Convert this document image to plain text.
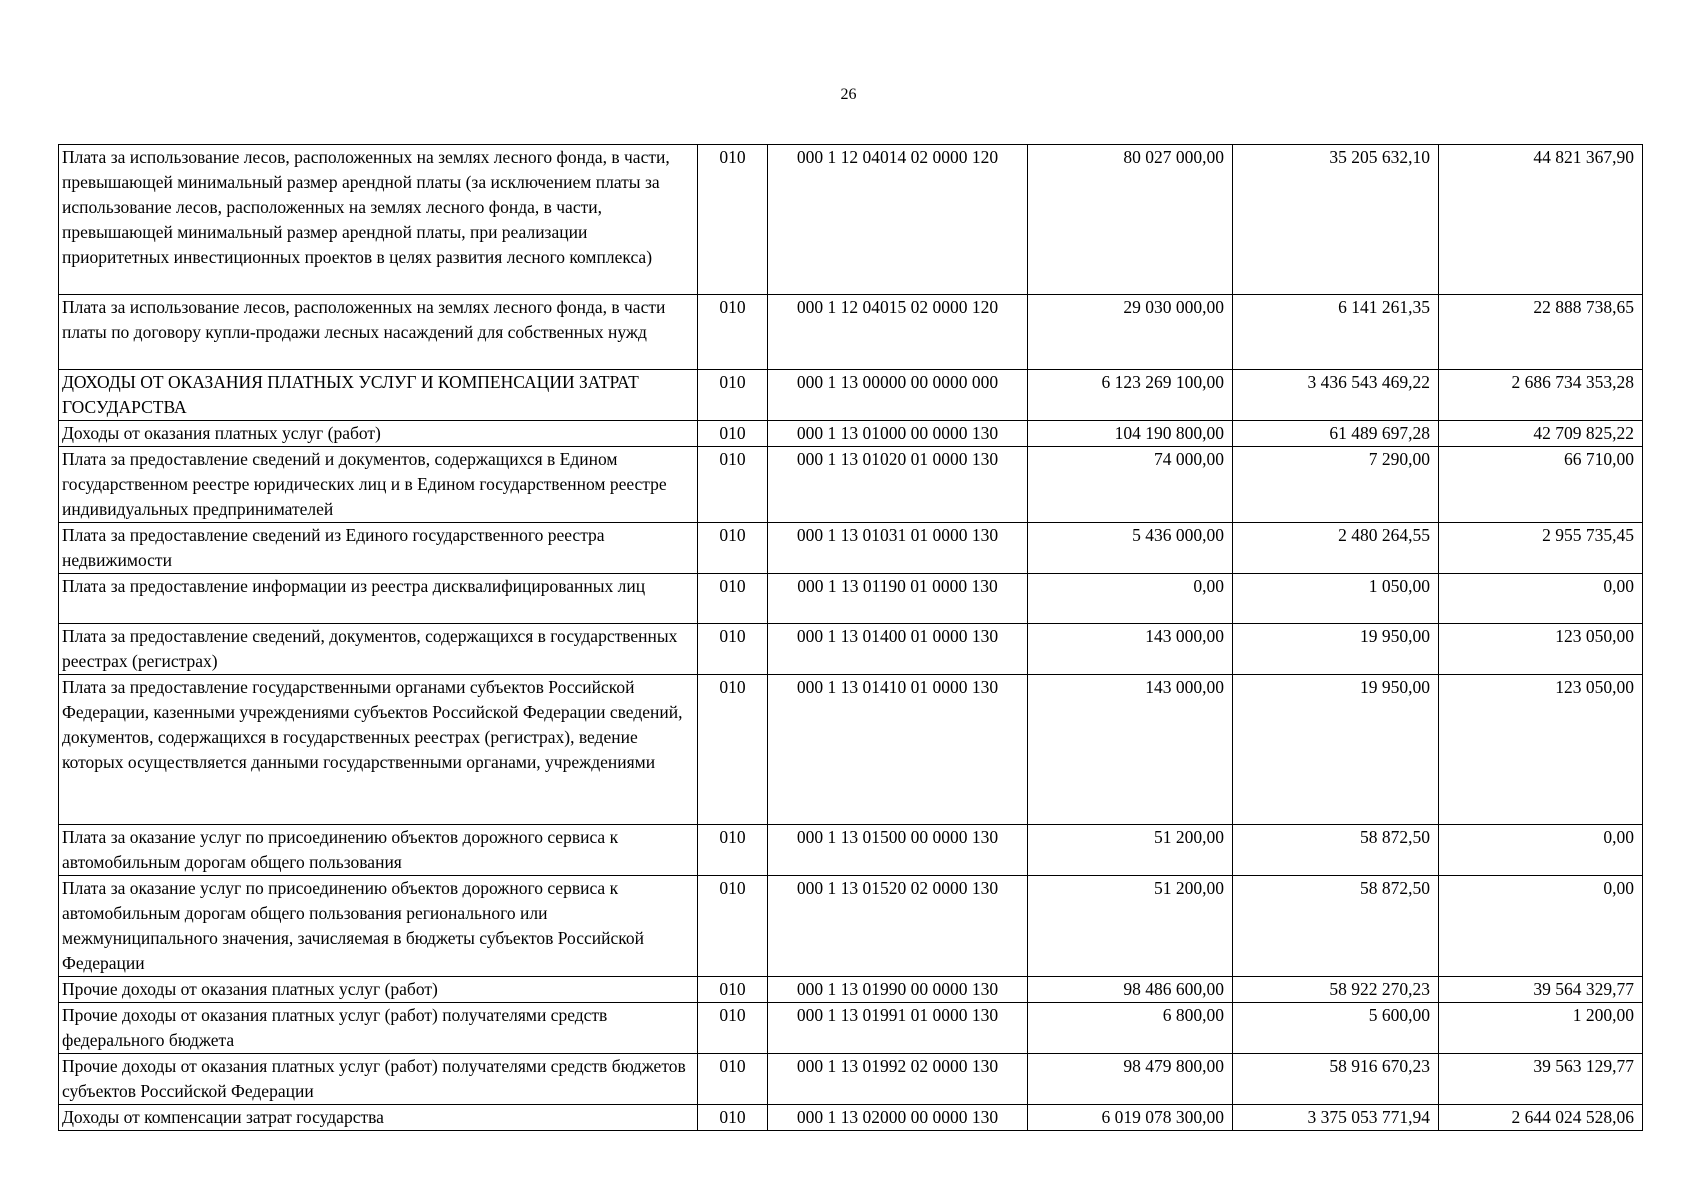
26
Плата за использование лесов, расположенных на землях лесного фонда, в части, превышающей минимальный размер арендной платы (за исключением платы за использование лесов, расположенных на землях лесного фонда, в части, превышающей минимальный размер арендной платы, при реализации приоритетных инвестиционных проектов в целях развития лесного комплекса)	010	000 1 12 04014 02 0000 120	80 027 000,00	35 205 632,10	44 821 367,90
Плата за использование лесов, расположенных на землях лесного фонда, в части платы по договору купли-продажи лесных насаждений для собственных нужд	010	000 1 12 04015 02 0000 120	29 030 000,00	6 141 261,35	22 888 738,65
ДОХОДЫ ОТ ОКАЗАНИЯ ПЛАТНЫХ УСЛУГ И КОМПЕНСАЦИИ ЗАТРАТ ГОСУДАРСТВА	010	000 1 13 00000 00 0000 000	6 123 269 100,00	3 436 543 469,22	2 686 734 353,28
Доходы от оказания платных услуг (работ)	010	000 1 13 01000 00 0000 130	104 190 800,00	61 489 697,28	42 709 825,22
Плата за предоставление сведений и документов, содержащихся в Едином государственном реестре юридических лиц и в Едином государственном реестре индивидуальных предпринимателей	010	000 1 13 01020 01 0000 130	74 000,00	7 290,00	66 710,00
Плата за предоставление сведений из Единого государственного реестра недвижимости	010	000 1 13 01031 01 0000 130	5 436 000,00	2 480 264,55	2 955 735,45
Плата за предоставление информации из реестра дисквалифицированных лиц	010	000 1 13 01190 01 0000 130	0,00	1 050,00	0,00
Плата за предоставление сведений, документов, содержащихся в государственных реестрах (регистрах)	010	000 1 13 01400 01 0000 130	143 000,00	19 950,00	123 050,00
Плата за предоставление государственными органами субъектов Российской Федерации, казенными учреждениями субъектов Российской Федерации сведений, документов, содержащихся в государственных реестрах (регистрах), ведение которых осуществляется данными государственными органами, учреждениями	010	000 1 13 01410 01 0000 130	143 000,00	19 950,00	123 050,00
Плата за оказание услуг по присоединению объектов дорожного сервиса к автомобильным дорогам общего пользования	010	000 1 13 01500 00 0000 130	51 200,00	58 872,50	0,00
Плата за оказание услуг по присоединению объектов дорожного сервиса к автомобильным дорогам общего пользования регионального или межмуниципального значения, зачисляемая в бюджеты субъектов Российской Федерации	010	000 1 13 01520 02 0000 130	51 200,00	58 872,50	0,00
Прочие доходы от оказания платных услуг (работ)	010	000 1 13 01990 00 0000 130	98 486 600,00	58 922 270,23	39 564 329,77
Прочие доходы от оказания платных услуг (работ) получателями средств федерального бюджета	010	000 1 13 01991 01 0000 130	6 800,00	5 600,00	1 200,00
Прочие доходы от оказания платных услуг (работ) получателями средств бюджетов субъектов Российской Федерации	010	000 1 13 01992 02 0000 130	98 479 800,00	58 916 670,23	39 563 129,77
Доходы от компенсации затрат государства	010	000 1 13 02000 00 0000 130	6 019 078 300,00	3 375 053 771,94	2 644 024 528,06
